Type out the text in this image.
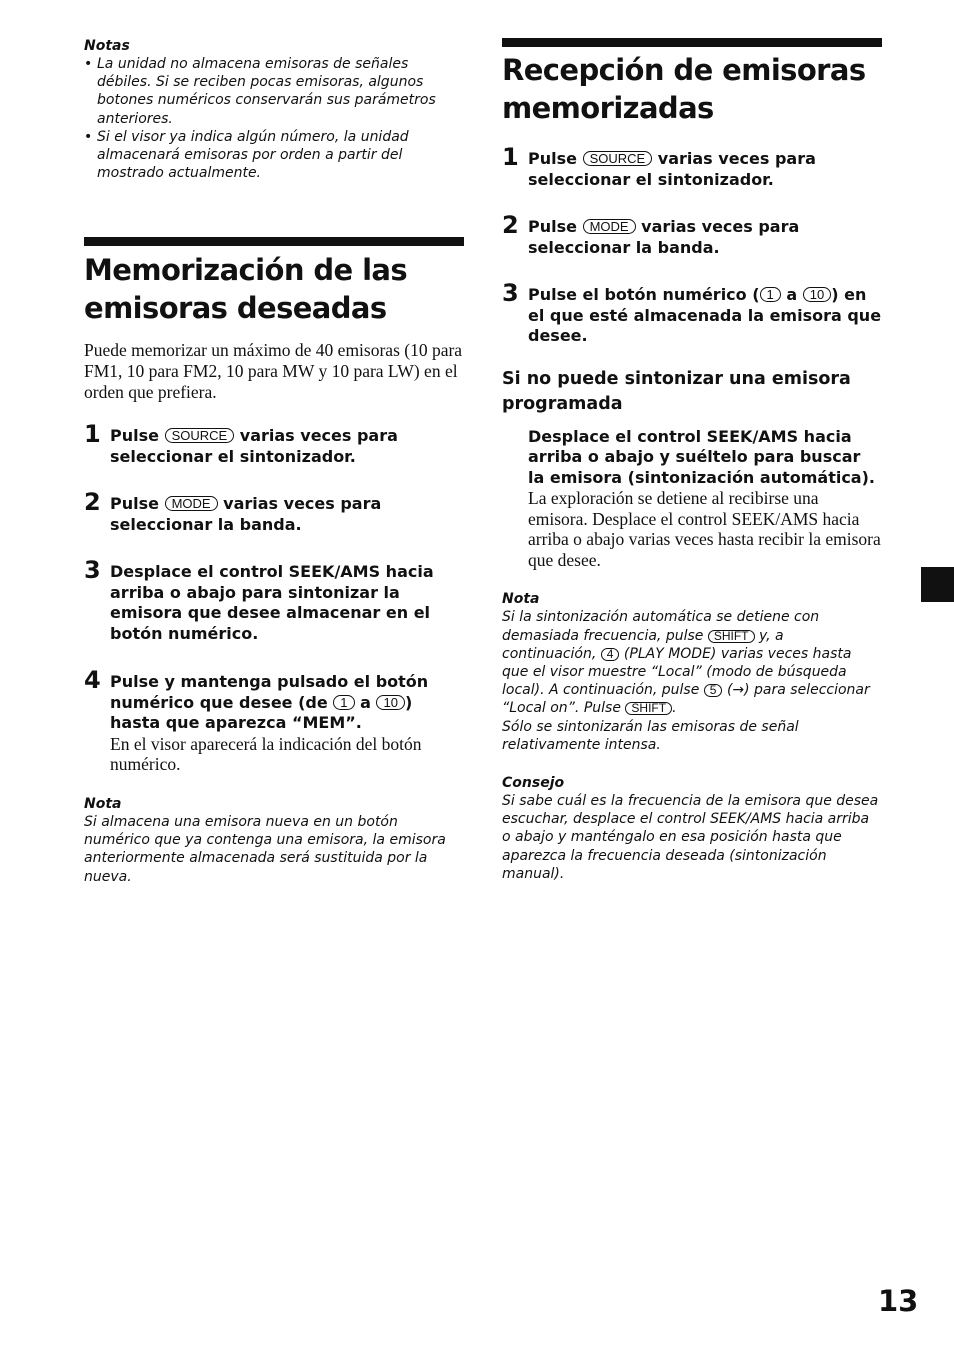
Notas
• La unidad no almacena emisoras de señales débiles. Si se reciben pocas emisoras, algunos botones numéricos conservarán sus parámetros anteriores.
• Si el visor ya indica algún número, la unidad almacenará emisoras por orden a partir del mostrado actualmente.
Memorización de las
emisoras deseadas
Puede memorizar un máximo de 40 emisoras (10 para FM1, 10 para FM2, 10 para MW y 10 para LW) en el orden que prefiera.
1 Pulse SOURCE varias veces para seleccionar el sintonizador.
2 Pulse MODE varias veces para seleccionar la banda.
3 Desplace el control SEEK/AMS hacia arriba o abajo para sintonizar la emisora que desee almacenar en el botón numérico.
4 Pulse y mantenga pulsado el botón numérico que desee (de 1 a 10 ) hasta que aparezca “MEM”.
En el visor aparecerá la indicación del botón numérico.
Nota
Si almacena una emisora nueva en un botón numérico que ya contenga una emisora, la emisora anteriormente almacenada será sustituida por la nueva.
Recepción de emisoras
memorizadas
1 Pulse SOURCE varias veces para seleccionar el sintonizador.
2 Pulse MODE varias veces para seleccionar la banda.
3 Pulse el botón numérico ( 1 a 10 ) en el que esté almacenada la emisora que desee.
Si no puede sintonizar una emisora programada
Desplace el control SEEK/AMS hacia arriba o abajo y suéltelo para buscar la emisora (sintonización automática).
La exploración se detiene al recibirse una emisora. Desplace el control SEEK/AMS hacia arriba o abajo varias veces hasta recibir la emisora que desee.
Nota
Si la sintonización automática se detiene con demasiada frecuencia, pulse SHIFT y, a continuación, 4 (PLAY MODE) varias veces hasta que el visor muestre “Local” (modo de búsqueda local). A continuación, pulse 5 (→) para seleccionar “Local on”. Pulse SHIFT .
Sólo se sintonizarán las emisoras de señal relativamente intensa.
Consejo
Si sabe cuál es la frecuencia de la emisora que desea escuchar, desplace el control SEEK/AMS hacia arriba o abajo y manténgalo en esa posición hasta que aparezca la frecuencia deseada (sintonización manual).
13
